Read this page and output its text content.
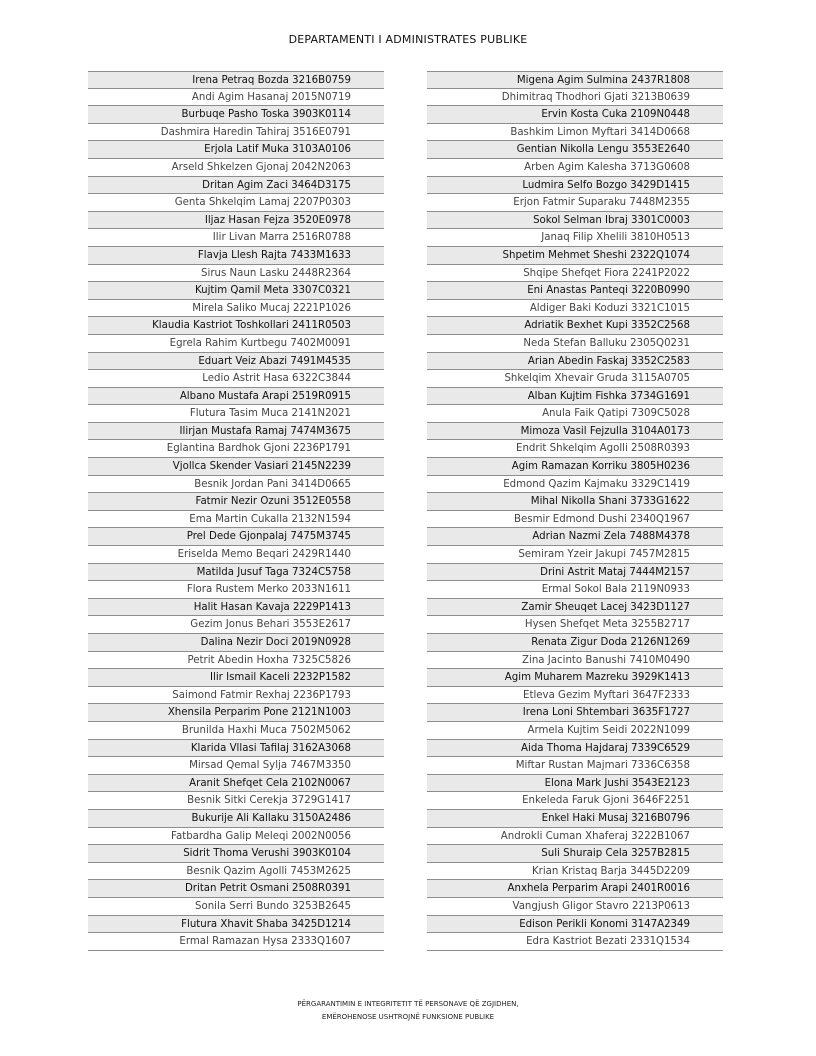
DEPARTAMENTI I ADMINISTRATES PUBLIKE
Irena Petraq Bozda 3216B0759
Andi Agim Hasanaj 2015N0719
Burbuqe Pasho Toska 3903K0114
Dashmira Haredin Tahiraj 3516E0791
Erjola Latif Muka 3103A0106
Arseld Shkelzen Gjonaj 2042N2063
Dritan Agim Zaci 3464D3175
Genta Shkelqim Lamaj 2207P0303
Iljaz Hasan Fejza 3520E0978
Ilir Livan Marra 2516R0788
Flavja Llesh Rajta 7433M1633
Sirus Naun Lasku 2448R2364
Kujtim Qamil Meta 3307C0321
Mirela Saliko Mucaj 2221P1026
Klaudia Kastriot Toshkollari 2411R0503
Egrela Rahim Kurtbegu 7402M0091
Eduart Veiz Abazi 7491M4535
Ledio Astrit Hasa 6322C3844
Albano Mustafa Arapi 2519R0915
Flutura Tasim Muca 2141N2021
Ilirjan Mustafa Ramaj 7474M3675
Eglantina Bardhok Gjoni 2236P1791
Vjollca Skender Vasiari 2145N2239
Besnik Jordan Pani 3414D0665
Fatmir Nezir Ozuni 3512E0558
Ema Martin Cukalla 2132N1594
Prel Dede Gjonpalaj 7475M3745
Eriselda Memo Beqari 2429R1440
Matilda Jusuf Taga 7324C5758
Flora Rustem Merko 2033N1611
Halit Hasan Kavaja 2229P1413
Gezim Jonus Behari 3553E2617
Dalina Nezir Doci 2019N0928
Petrit Abedin Hoxha 7325C5826
Ilir Ismail Kaceli 2232P1582
Saimond Fatmir Rexhaj 2236P1793
Xhensila Perparim Pone 2121N1003
Brunilda Haxhi Muca 7502M5062
Klarida Vllasi Tafilaj 3162A3068
Mirsad Qemal Sylja 7467M3350
Aranit Shefqet Cela 2102N0067
Besnik Sitki Cerekja 3729G1417
Bukurije Ali Kallaku 3150A2486
Fatbardha Galip Meleqi 2002N0056
Sidrit Thoma Verushi 3903K0104
Besnik Qazim Agolli 7453M2625
Dritan Petrit Osmani 2508R0391
Sonila Serri Bundo 3253B2645
Flutura Xhavit Shaba 3425D1214
Ermal Ramazan Hysa 2333Q1607
Migena Agim Sulmina 2437R1808
Dhimitraq Thodhori Gjati 3213B0639
Ervin Kosta Cuka 2109N0448
Bashkim Limon Myftari 3414D0668
Gentian Nikolla Lengu 3553E2640
Arben Agim Kalesha 3713G0608
Ludmira Selfo Bozgo 3429D1415
Erjon Fatmir Suparaku 7448M2355
Sokol Selman Ibraj 3301C0003
Janaq Filip Xhelili 3810H0513
Shpetim Mehmet Sheshi 2322Q1074
Shqipe Shefqet Fiora 2241P2022
Eni Anastas Panteqi 3220B0990
Aldiger Baki Koduzi 3321C1015
Adriatik Bexhet Kupi 3352C2568
Neda Stefan Balluku 2305Q0231
Arian Abedin Faskaj 3352C2583
Shkelqim Xhevair Gruda 3115A0705
Alban Kujtim Fishka 3734G1691
Anula Faik Qatipi 7309C5028
Mimoza Vasil Fejzulla 3104A0173
Endrit Shkelqim Agolli 2508R0393
Agim Ramazan Korriku 3805H0236
Edmond Qazim Kajmaku 3329C1419
Mihal Nikolla Shani 3733G1622
Besmir Edmond Dushi 2340Q1967
Adrian Nazmi Zela 7488M4378
Semiram Yzeir Jakupi 7457M2815
Drini Astrit Mataj 7444M2157
Ermal Sokol Bala 2119N0933
Zamir Sheuqet Lacej 3423D1127
Hysen Shefqet Meta 3255B2717
Renata Zigur Doda 2126N1269
Zina Jacinto Banushi 7410M0490
Agim Muharem Mazreku 3929K1413
Etleva Gezim Myftari 3647F2333
Irena Loni Shtembari 3635F1727
Armela Kujtim Seidi 2022N1099
Aida Thoma Hajdaraj 7339C6529
Miftar Rustan Majmari 7336C6358
Elona Mark Jushi 3543E2123
Enkeleda Faruk Gjoni 3646F2251
Enkel Haki Musaj 3216B0796
Androkli Cuman Xhaferaj 3222B1067
Suli Shuraip Cela 3257B2815
Krian Kristaq Barja 3445D2209
Anxhela Perparim Arapi 2401R0016
Vangjush Gligor Stavro 2213P0613
Edison Perikli Konomi 3147A2349
Edra Kastriot Bezati 2331Q1534
PËRGARANTIMIN E INTEGRITETIT TË PERSONAVE QË ZGJIDHEN,
EMËROHENOSE USHTROJNË FUNKSIONE PUBLIKE
